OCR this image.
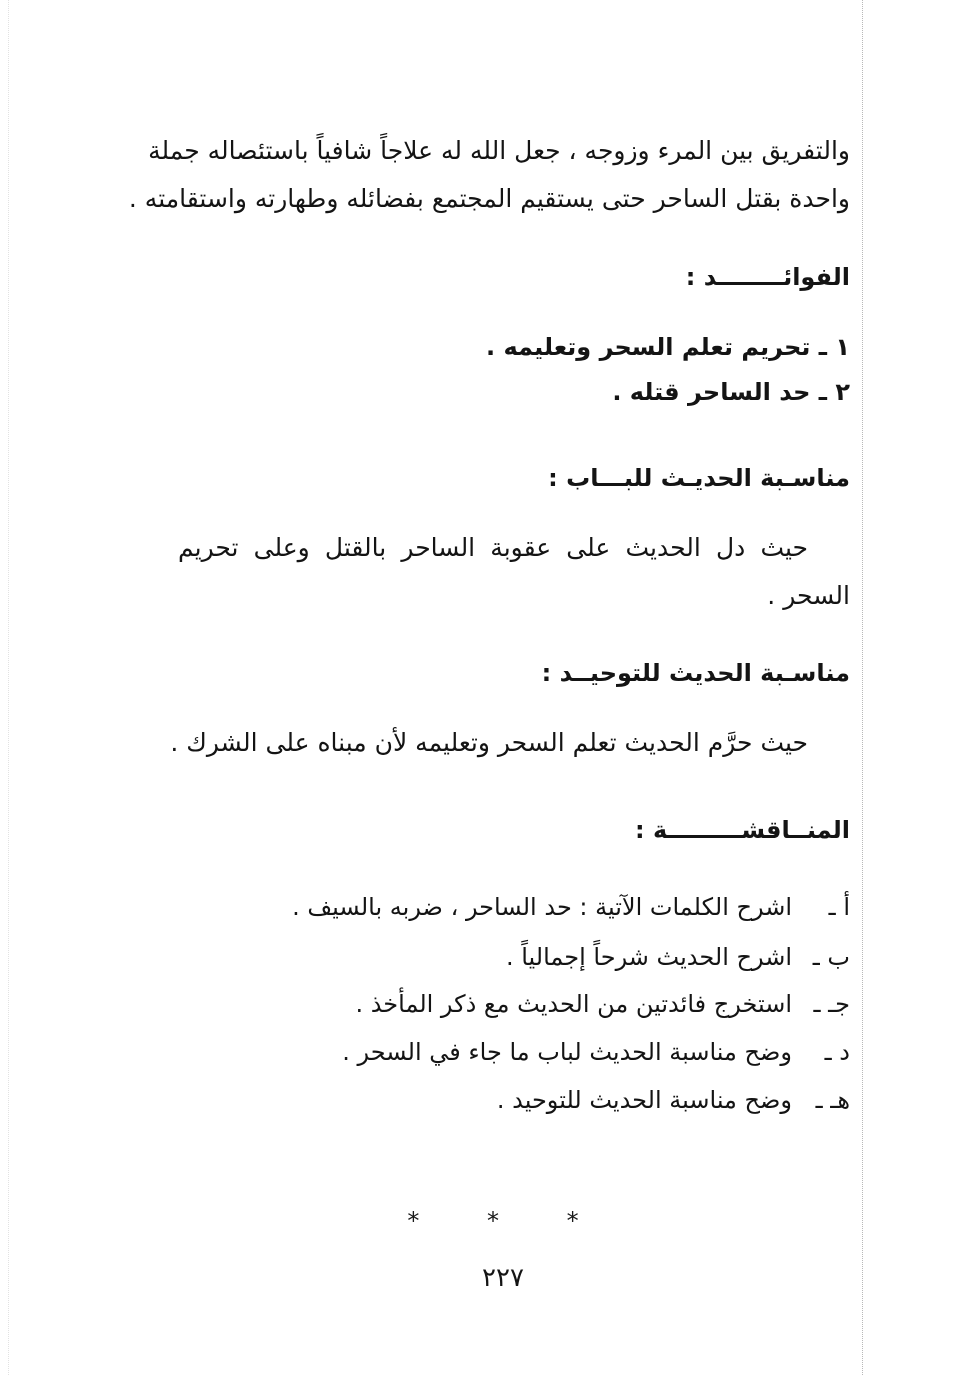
والتفريق بين المرء وزوجه ، جعل الله له علاجاً شافياً باستئصاله جملة
واحدة بقتل الساحر حتى يستقيم المجتمع بفضائله وطهارته واستقامته .
الفوائــــــــد :
١ ـ تحريم تعلم السحر وتعليمه .
٢ ـ حد الساحر قتله .
مناسـبة الحديـث للبـــاب :
حيث دل الحديث على عقوبة الساحر بالقتل وعلى تحريم
السحر .
مناسـبة الحديث للتوحيــد :
حيث حرَّم الحديث تعلم السحر وتعليمه لأن مبناه على الشرك .
المنــاقشـــــــــة :
أ ـاشرح الكلمات الآتية : حد الساحر ، ضربه بالسيف .
ب ـاشرح الحديث شرحاً إجمالياً .
جـ ـاستخرج فائدتين من الحديث مع ذكر المأخذ .
د ـوضح مناسبة الحديث لباب ما جاء في السحر .
هـ ـوضح مناسبة الحديث للتوحيد .
* * *
٢٢٧
